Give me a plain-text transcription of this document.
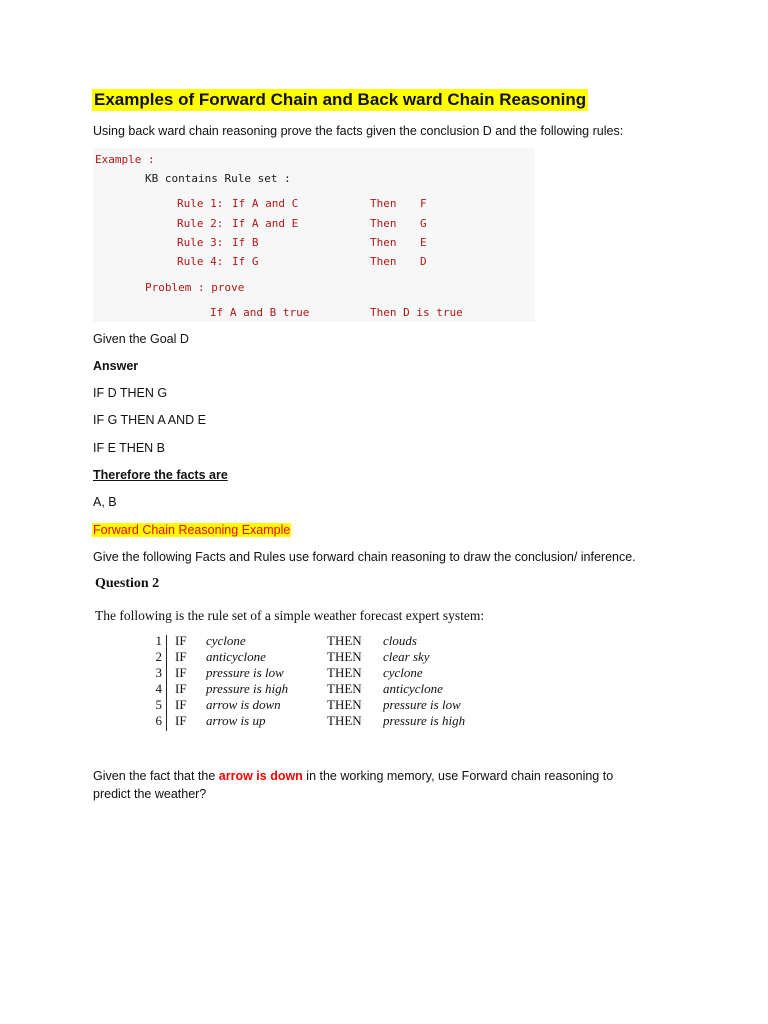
Examples of Forward Chain and Back ward Chain Reasoning
Using back ward chain reasoning prove the facts given the conclusion D and the following rules:
Example :
KB contains Rule set :
Rule 1: If A and C	Then F
Rule 2: If A and E	Then G
Rule 3: If B	Then E
Rule 4: If G	Then D
Problem : prove
If A and B true	Then D is true
Given the Goal D
Answer
IF D THEN G
IF G THEN A AND E
IF E THEN B
Therefore the facts are
A, B
Forward Chain Reasoning Example
Give the following Facts and Rules use forward chain reasoning to draw the conclusion/ inference.
Question 2
The following is the rule set of a simple weather forecast expert system:
1 IF cyclone	THEN clouds
2 IF anticyclone	THEN clear sky
3 IF pressure is low	THEN cyclone
4 IF pressure is high	THEN anticyclone
5 IF arrow is down	THEN pressure is low
6 IF arrow is up	THEN pressure is high
Given the fact that the arrow is down in the working memory, use Forward chain reasoning to
predict the weather?
